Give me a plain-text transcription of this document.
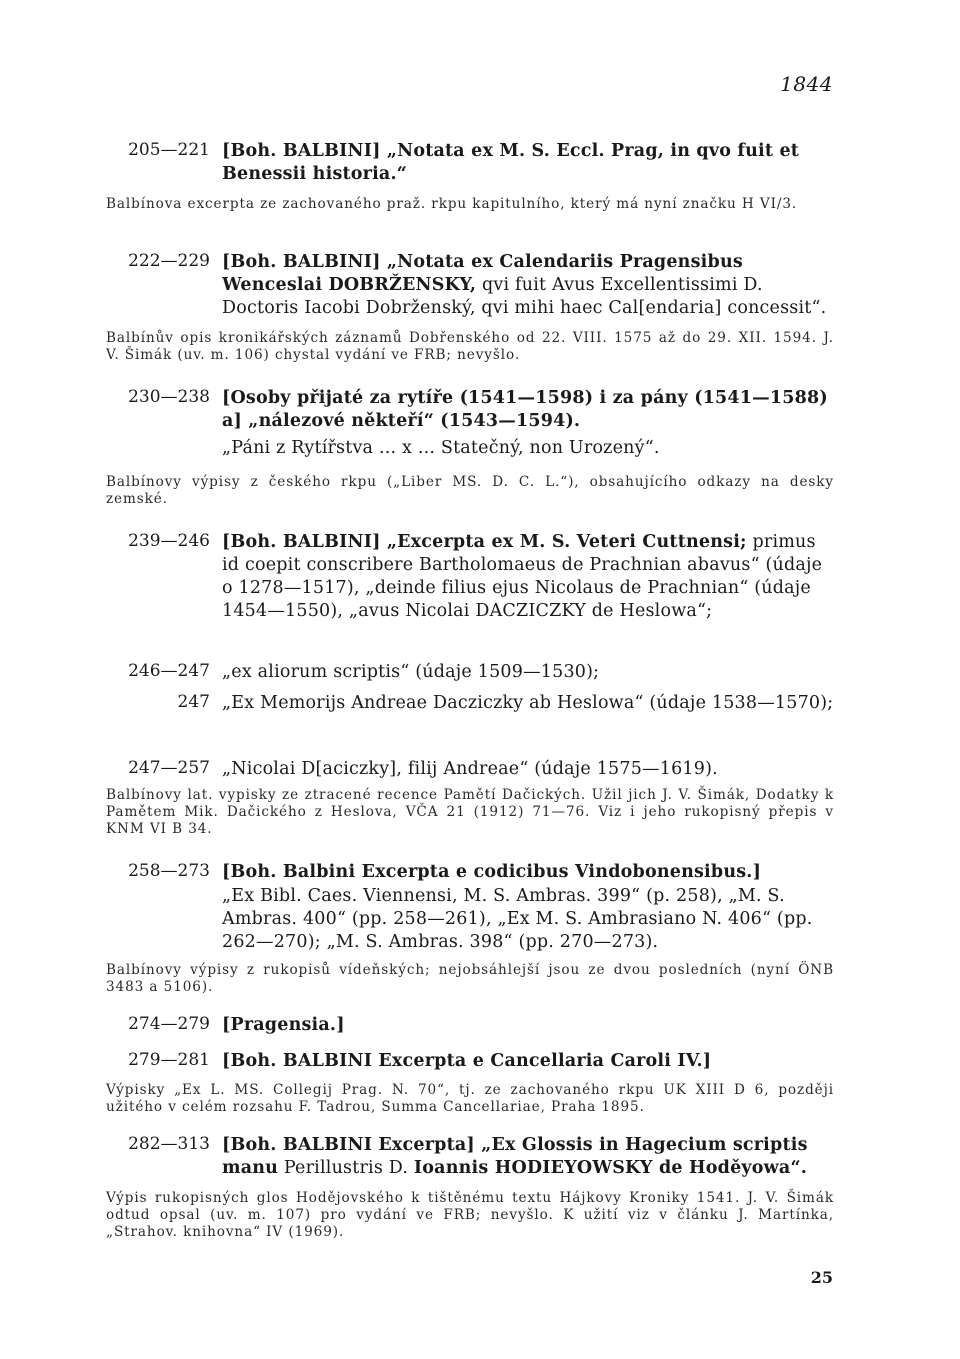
1844
205—221 [Boh. BALBINI] „Notata ex M. S. Eccl. Prag, in qvo fuit et Benessii historia.“
Balbínova excerpta ze zachovaného praž. rkpu kapitulního, který má nyní značku H VI/3.
222—229 [Boh. BALBINI] „Notata ex Calendariis Pragensibus Wenceslai DOBRŽENSKY, qvi fuit Avus Excellentissimi D. Doctoris Iacobi Dobrženský, qvi mihi haec Cal[endaria] concessit“.
Balbínův opis kronikářských záznamů Dobřenského od 22. VIII. 1575 až do 29. XII. 1594. J. V. Šimák (uv. m. 106) chystal vydání ve FRB; nevyšlo.
230—238 [Osoby přijaté za rytíře (1541—1598) i za pány (1541—1588) a] „nálezové někteří“ (1543—1594).
„Páni z Rytířstva ... x ... Statečný, non Urozený“.
Balbínovy výpisy z českého rkpu („Liber MS. D. C. L.“), obsahujícího odkazy na desky zemské.
239—246 [Boh. BALBINI] „Excerpta ex M. S. Veteri Cuttnensi; primus id coepit conscribere Bartholomaeus de Prachnian abavus“ (údaje o 1278—1517), „deinde filius ejus Nicolaus de Prachnian“ (údaje 1454—1550), „avus Nicolai DACZICZKY de Heslowa“;
246—247 „ex aliorum scriptis“ (údaje 1509—1530);
247 „Ex Memorijs Andreae Dacziczky ab Heslowa“ (údaje 1538—1570);
247—257 „Nicolai D[aciczky], filij Andreae“ (údaje 1575—1619).
Balbínovy lat. vypisky ze ztracené recence Pamětí Dačických. Užil jich J. V. Šimák, Dodatky k Pamětem Mik. Dačického z Heslova, VČA 21 (1912) 71—76. Viz i jeho rukopisný přepis v KNM VI B 34.
258—273 [Boh. Balbini Excerpta e codicibus Vindobonensibus.]
„Ex Bibl. Caes. Viennensi, M. S. Ambras. 399“ (p. 258), „M. S. Ambras. 400“ (pp. 258—261), „Ex M. S. Ambrasiano N. 406“ (pp. 262—270); „M. S. Ambras. 398“ (pp. 270—273).
Balbínovy výpisy z rukopisů vídeňských; nejobsáhlejší jsou ze dvou posledních (nyní ÖNB 3483 a 5106).
274—279 [Pragensia.]
279—281 [Boh. BALBINI Excerpta e Cancellaria Caroli IV.]
Výpisky „Ex L. MS. Collegij Prag. N. 70“, tj. ze zachovaného rkpu UK XIII D 6, později užitého v celém rozsahu F. Tadrou, Summa Cancellariae, Praha 1895.
282—313 [Boh. BALBINI Excerpta] „Ex Glossis in Hagecium scriptis manu Perillustris D. Ioannis HODIEYOWSKY de Hoděyowa“.
Výpis rukopisných glos Hodějovského k tištěnému textu Hájkovy Kroniky 1541. J. V. Šimák odtud opsal (uv. m. 107) pro vydání ve FRB; nevyšlo. K užití viz v článku J. Martínka, „Strahov. knihovna“ IV (1969).
25
